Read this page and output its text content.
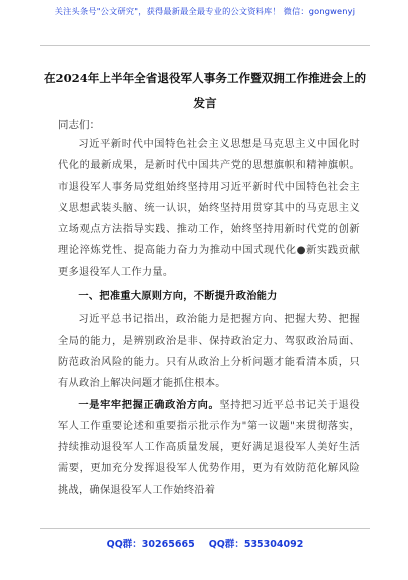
关注头条号"公文研究"，获得最新最全最专业的公文资料库！ 微信：gongwenyj
在2024年上半年全省退役军人事务工作暨双拥工作推进会上的发言
同志们：

习近平新时代中国特色社会主义思想是马克思主义中国化时代化的最新成果，是新时代中国共产党的思想旗帜和精神旗帜。市退役军人事务局党组始终坚持用习近平新时代中国特色社会主义思想武装头脑、统一认识，始终坚持用贯穿其中的马克思主义立场观点方法指导实践、推动工作，始终坚持用新时代党的创新理论淬炼党性、提高能力奋力为推动中国式现代化●新实践贡献更多退役军人工作力量。

一、把准重大原则方向，不断提升政治能力

习近平总书记指出，政治能力是把握方向、把握大势、把握全局的能力，是辨别政治是非、保持政治定力、驾驭政治局面、防范政治风险的能力。只有从政治上分析问题才能看清本质，只有从政治上解决问题才能抓住根本。

一是牢牢把握正确政治方向。坚持把习近平总书记关于退役军人工作重要论述和重要指示批示作为"第一议题"来贯彻落实，持续推动退役军人工作高质量发展，更好满足退役军人美好生活需要，更加充分发挥退役军人优势作用，更为有效防范化解风险挑战，确保退役军人工作始终沿着

QQ群：30265665 QQ群：535304092
